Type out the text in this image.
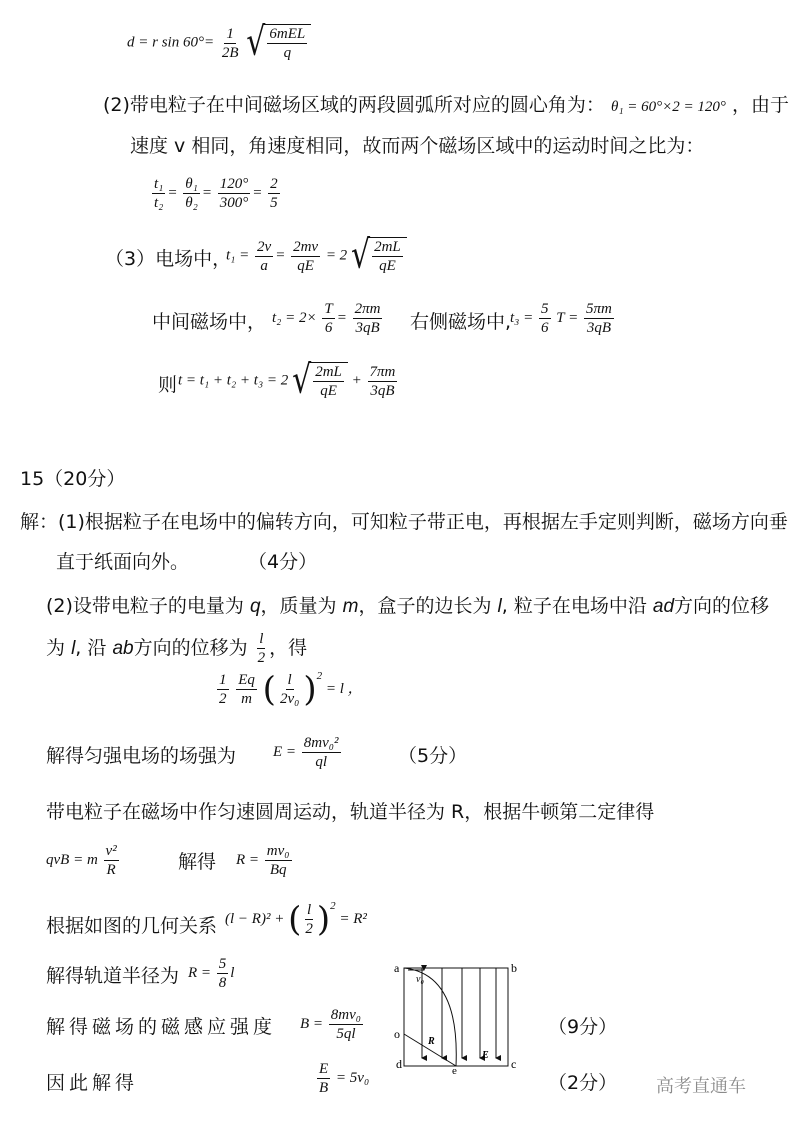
d = r $\sin 60^\circ= \frac{1}{2B}$
√ $\frac{\text{6mEL}}{q}$
(2)带电粒子在中间磁场区域的两段圆弧所对应的圆心角为： θ₁ = 60°×2 = 120° ，由于
速度 v 相同，角速度相同，故而两个磁场区域中的运动时间之比为：
$\frac{\text{t₁}}{\text{t₂}} = \frac{\text{θ₁}}{\text{θ₂}} = \frac{120^\circ}{300^\circ} = \frac{2}{5}$
（3）电场中，
$t_1 = \frac{2v}{a} = \frac{2mv}{qE} = 2$ √ $\frac{2mL}{qE}$
中间磁场中， $t_2 = 2\times \frac{T}{6} = \frac{2\pi m}{3qB}$ 右侧磁场中,
$t_3 = \frac{5}{6}$ $T = \frac{5\pi m}{3qB}$
则 t = t₁ + t₂ + t₃ = 2 √ $\frac{2mL}{qE} + \frac{7\pi m}{3qB}$
15（20分）
解：(1)根据粒子在电场中的偏转方向，可知粒子带正电，再根据左手定则判断，磁场方向垂
直于纸面向外。	（4分）
(2)设带电粒子的电量为 q，质量为 m，盒子的边长为 l, 粒子在电场中沿 ad方向的位移
为 l, 沿 ab方向的位移为 $\frac{l}{2}$ ，得
$\frac{1}{2}$
$\frac{Eq}{m}$ ( $\frac{l}{\text{2v₀}} )^2 = l$ ，
解得匀强电场的场强为 $E = \frac{\text{8mv₀²}}{ql}$	（5分）
带电粒子在磁场中作匀速圆周运动，轨道半径为 R，根据牛顿第二定律得
qvB = m $\frac{\text{v²}}{R}$	解得 $R = \frac{\text{mv₀}}{Bq}$
根据如图的几何关系 (l − R)² + ( $\frac{l}{2} )^2 = R^2$
解得轨道半径为 $R = \frac{5}{8}$ l
解得磁场的磁感应强度 $B = \frac{\text{8mv₀}}{5ql}$	（9分）
因此解得	$\frac{E}{B} = 5v_0$	（2分） 高考直通车
a	b
c
d
o
e
v₀
R
E
